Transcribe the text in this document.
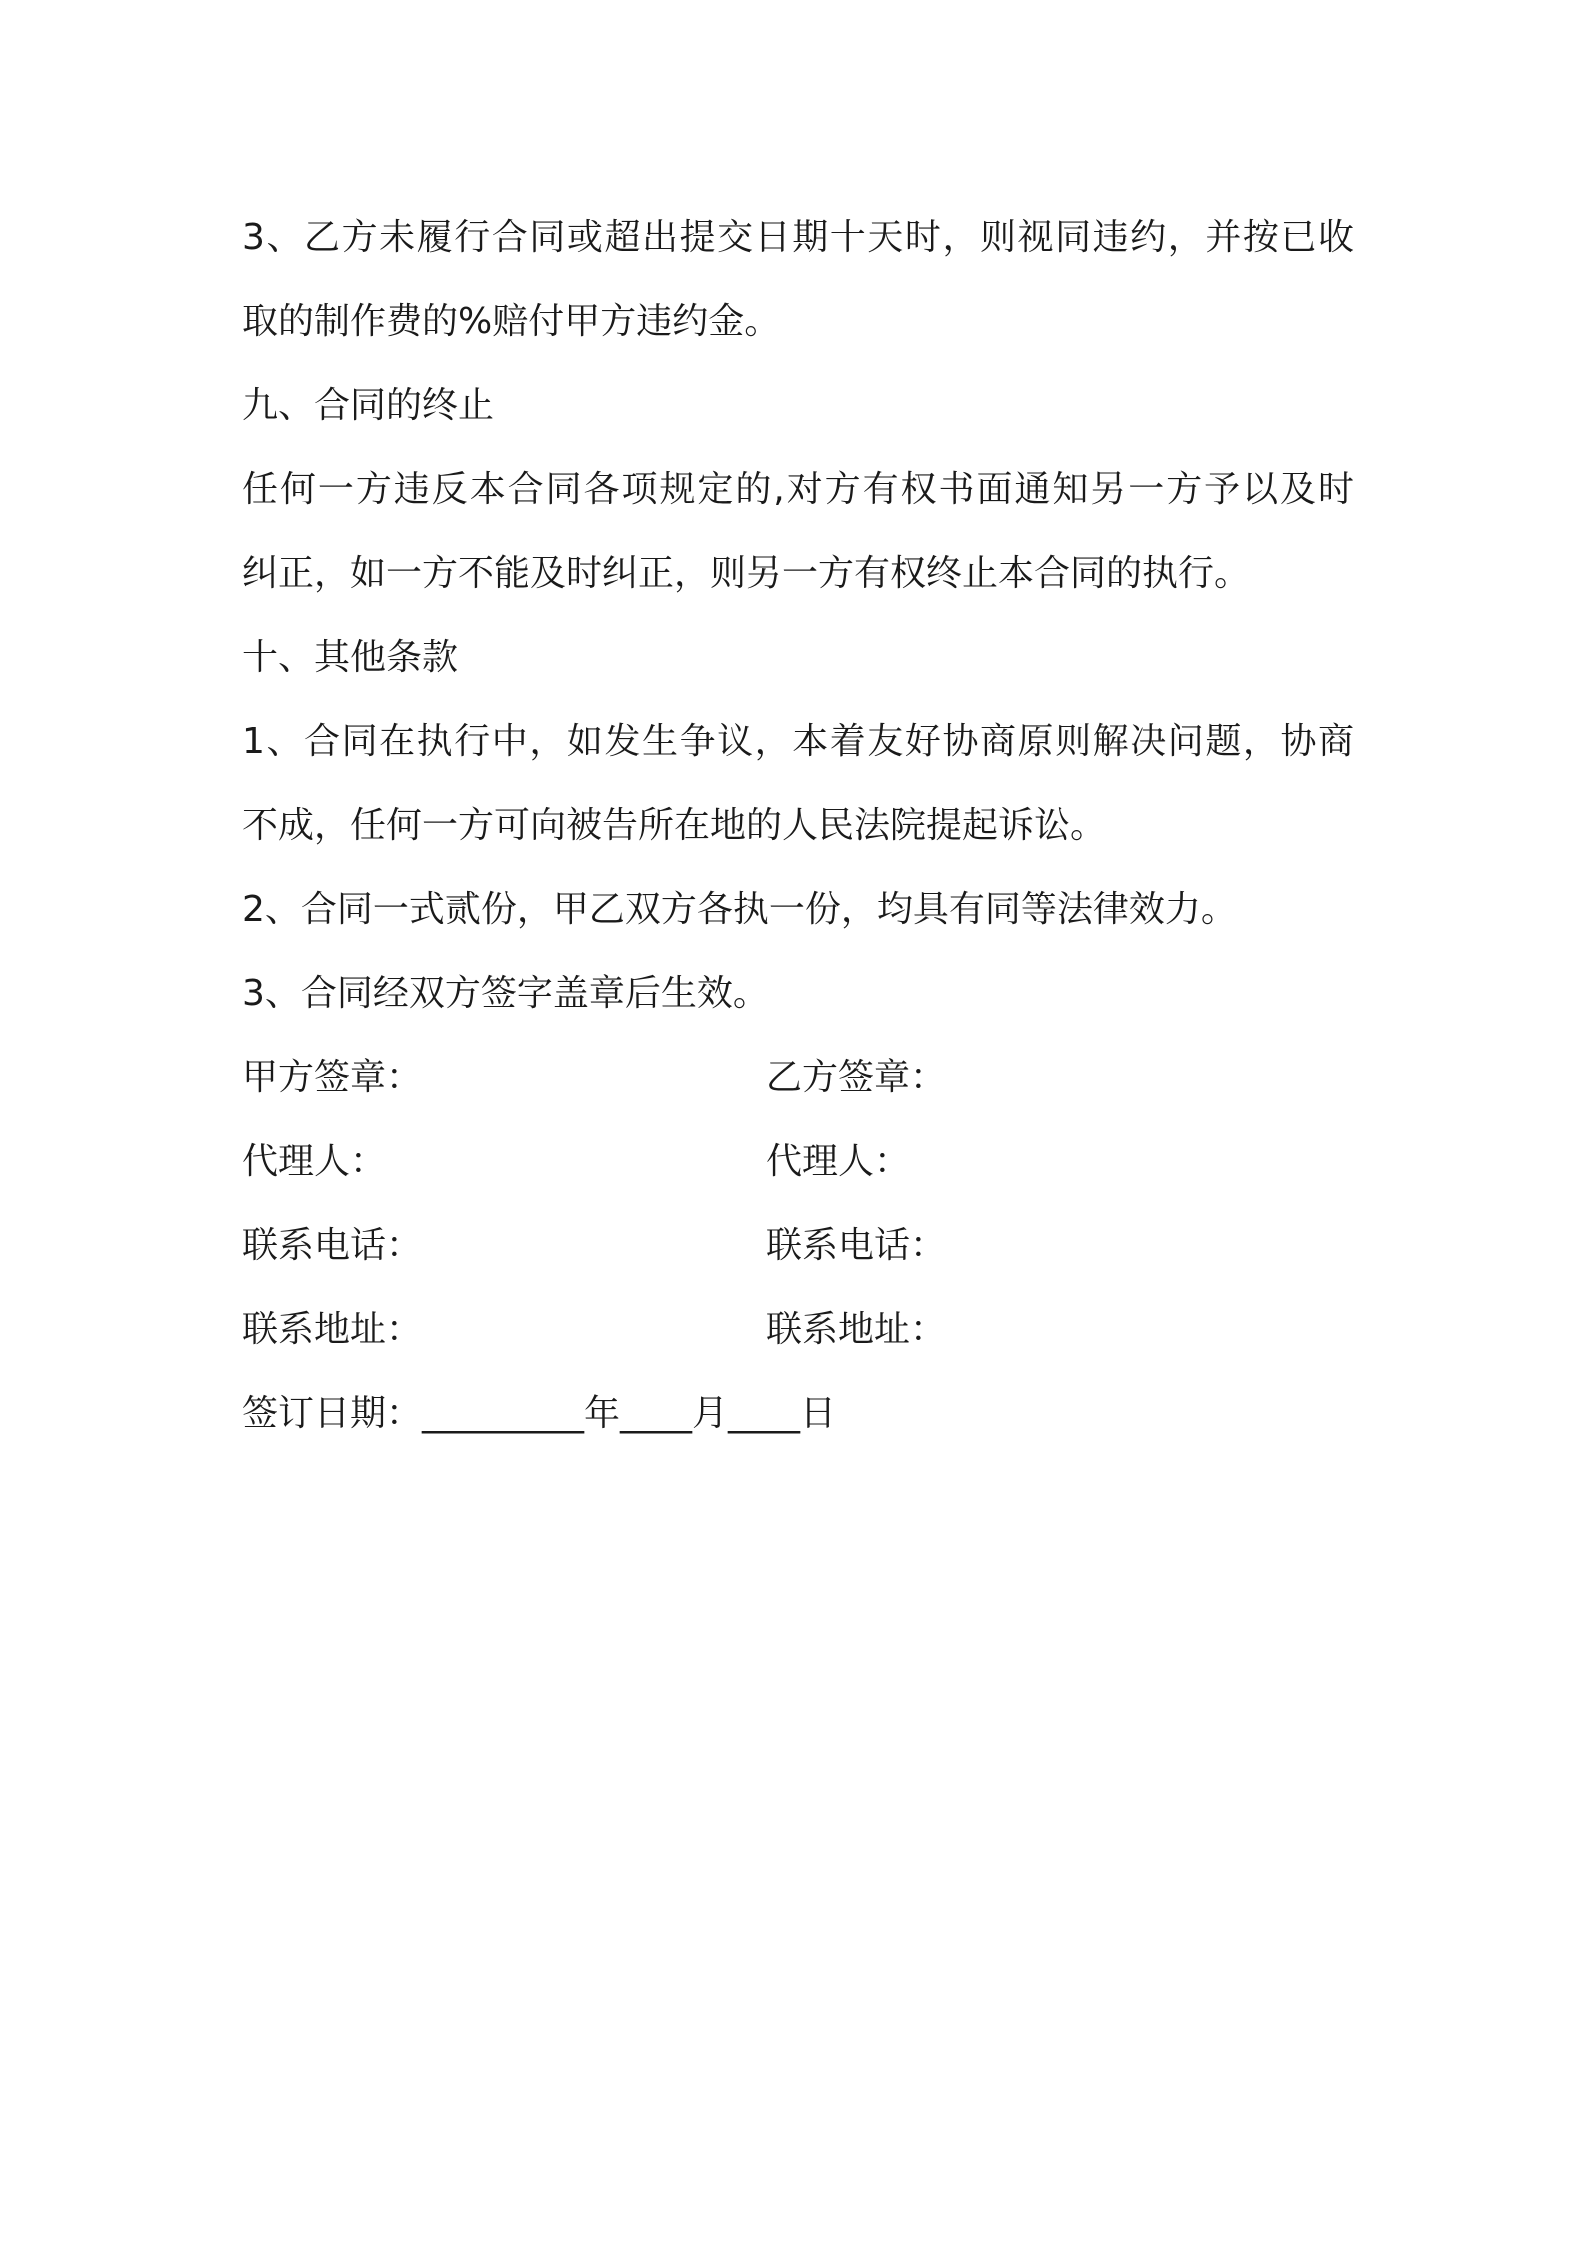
3、乙方未履行合同或超出提交日期十天时，则视同违约，并按已收
取的制作费的%赔付甲方违约金。
九、合同的终止
任何一方违反本合同各项规定的,对方有权书面通知另一方予以及时
纠正，如一方不能及时纠正，则另一方有权终止本合同的执行。
十、其他条款
1、合同在执行中，如发生争议，本着友好协商原则解决问题，协商
不成，任何一方可向被告所在地的人民法院提起诉讼。
2、合同一式贰份，甲乙双方各执一份，均具有同等法律效力。
3、合同经双方签字盖章后生效。
甲方签章：	乙方签章：
代理人：	代理人：
联系电话：	联系电话：
联系地址：	联系地址：
签订日期：_________年____月____日
